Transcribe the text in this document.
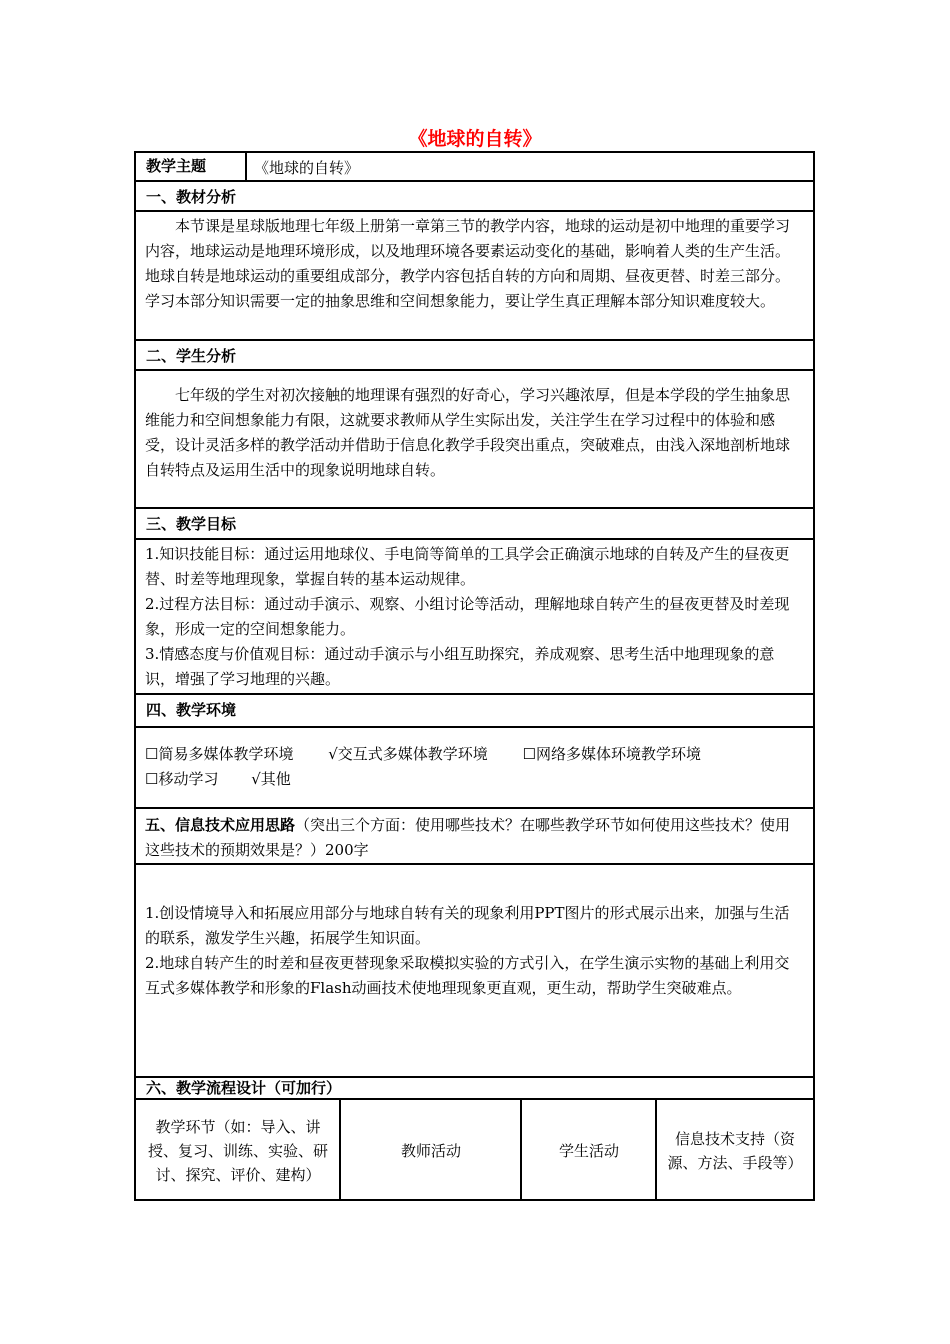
《地球的自转》
教学主题	《地球的自转》
一、教材分析
本节课是星球版地理七年级上册第一章第三节的教学内容，地球的运动是初中地理的重要学习内容，地球运动是地理环境形成，以及地理环境各要素运动变化的基础，影响着人类的生产生活。地球自转是地球运动的重要组成部分，教学内容包括自转的方向和周期、昼夜更替、时差三部分。学习本部分知识需要一定的抽象思维和空间想象能力，要让学生真正理解本部分知识难度较大。
二、学生分析
七年级的学生对初次接触的地理课有强烈的好奇心，学习兴趣浓厚，但是本学段的学生抽象思维能力和空间想象能力有限，这就要求教师从学生实际出发，关注学生在学习过程中的体验和感受，设计灵活多样的教学活动并借助于信息化教学手段突出重点，突破难点，由浅入深地剖析地球自转特点及运用生活中的现象说明地球自转。
三、教学目标
1.知识技能目标：通过运用地球仪、手电筒等简单的工具学会正确演示地球的自转及产生的昼夜更替、时差等地理现象，掌握自转的基本运动规律。
2.过程方法目标：通过动手演示、观察、小组讨论等活动，理解地球自转产生的昼夜更替及时差现象，形成一定的空间想象能力。
3.情感态度与价值观目标：通过动手演示与小组互助探究，养成观察、思考生活中地理现象的意识，增强了学习地理的兴趣。
四、教学环境
☐简易多媒体教学环境 √交互式多媒体教学环境 ☐网络多媒体环境教学环境
☐移动学习 √其他
五、信息技术应用思路（突出三个方面：使用哪些技术？在哪些教学环节如何使用这些技术？使用这些技术的预期效果是？）200字
1.创设情境导入和拓展应用部分与地球自转有关的现象利用PPT图片的形式展示出来，加强与生活的联系，激发学生兴趣，拓展学生知识面。
2.地球自转产生的时差和昼夜更替现象采取模拟实验的方式引入，在学生演示实物的基础上利用交互式多媒体教学和形象的Flash动画技术使地理现象更直观，更生动，帮助学生突破难点。
六、教学流程设计（可加行）
教学环节（如：导入、讲授、复习、训练、实验、研讨、探究、评价、建构）
教师活动	学生活动
信息技术支持（资源、方法、手段等）
